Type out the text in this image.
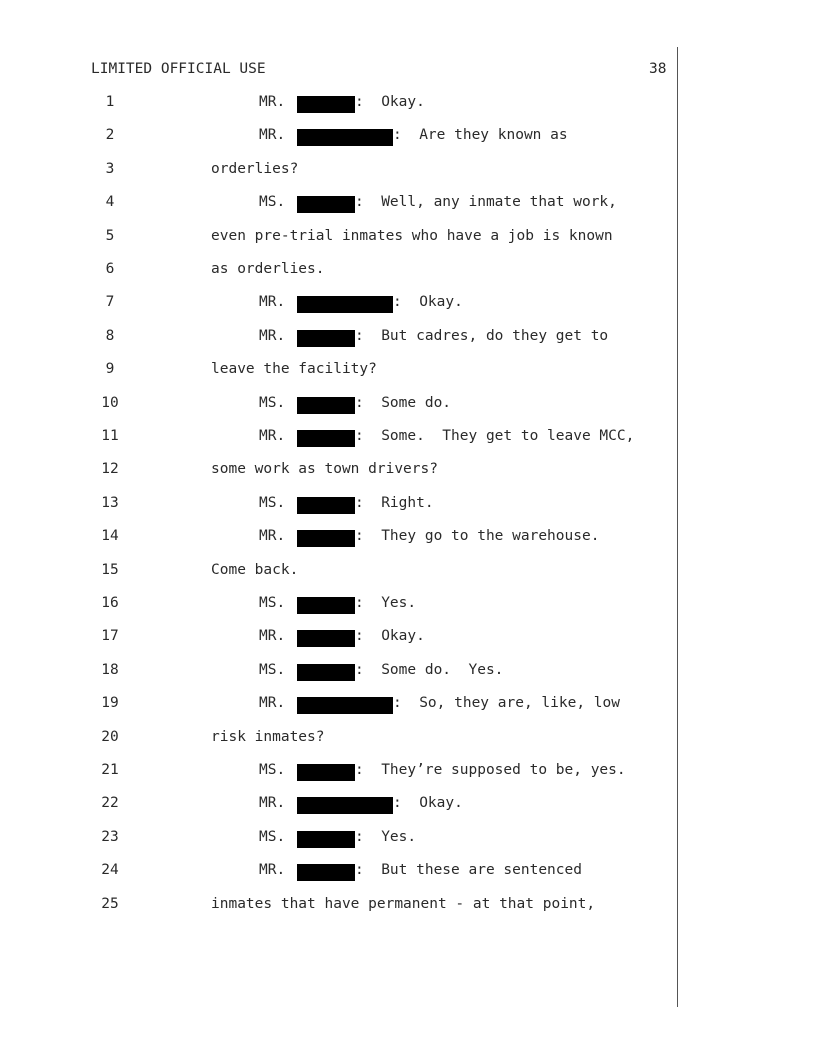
LIMITED OFFICIAL USE	38
1	MR.	:  Okay.
2	MR.	:  Are they known as
3	orderlies?
4	MS.	:  Well, any inmate that work,
5	even pre-trial inmates who have a job is known
6	as orderlies.
7	MR.	:  Okay.
8	MR.	:  But cadres, do they get to
9	leave the facility?
10	MS.	:  Some do.
11	MR.	:  Some.  They get to leave MCC,
12	some work as town drivers?
13	MS.	:  Right.
14	MR.	:  They go to the warehouse.
15	Come back.
16	MS.	:  Yes.
17	MR.	:  Okay.
18	MS.	:  Some do.  Yes.
19	MR.	:  So, they are, like, low
20	risk inmates?
21	MS.	:  They’re supposed to be, yes.
22	MR.	:  Okay.
23	MS.	:  Yes.
24	MR.	:  But these are sentenced
25	inmates that have permanent - at that point,
